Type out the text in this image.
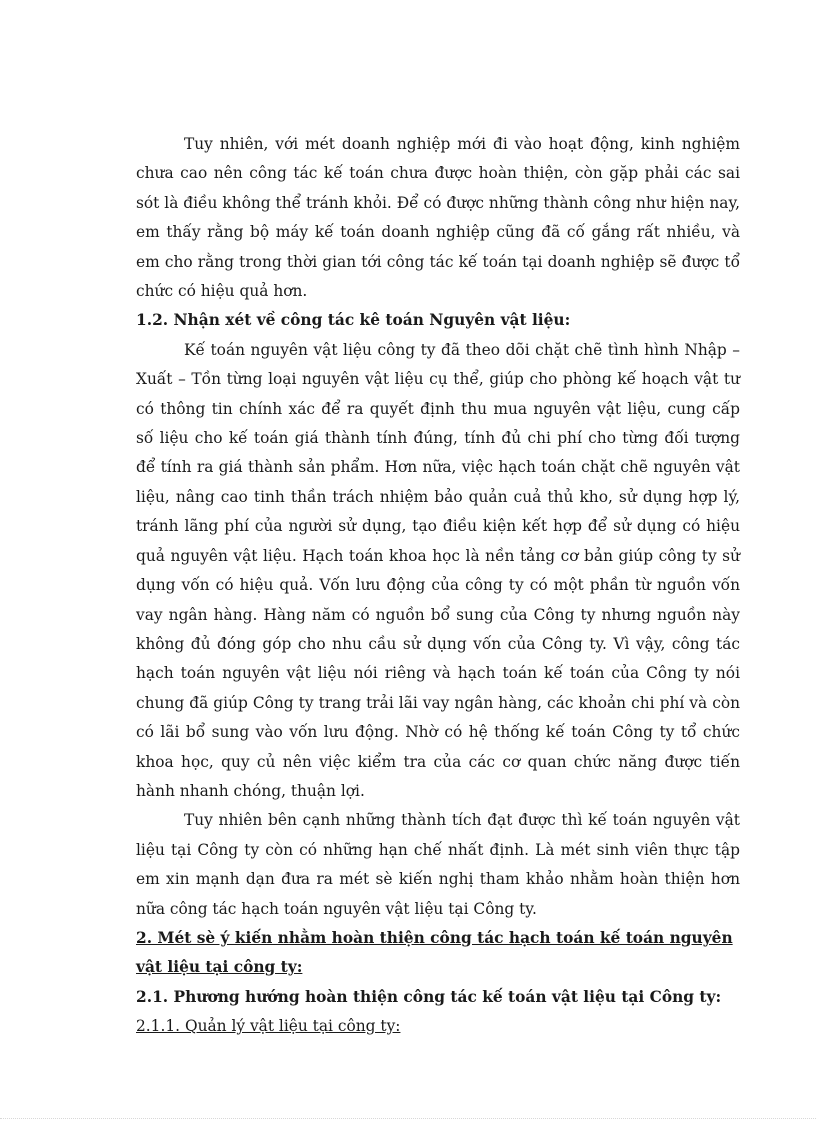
Tuy nhiên, với mét doanh nghiệp mới đi vào hoạt động, kinh nghiệm chưa cao nên công tác kế toán chưa được hoàn thiện, còn gặp phải các sai sót là điều không thể tránh khỏi. Để có được những thành công như hiện nay, em thấy rằng bộ máy kế toán doanh nghiệp cũng đã cố gắng rất nhiều, và em cho rằng trong thời gian tới công tác kế toán tại doanh nghiệp sẽ được tổ chức có hiệu quả hơn.

1.2. Nhận xét về công tác kê toán Nguyên vật liệu:

Kế toán nguyên vật liệu công ty đã theo dõi chặt chẽ tình hình Nhập – Xuất – Tồn từng loại nguyên vật liệu cụ thể, giúp cho phòng kế hoạch vật tư có thông tin chính xác để ra quyết định thu mua nguyên vật liệu, cung cấp số liệu cho kế toán giá thành tính đúng, tính đủ chi phí cho từng đối tượng để tính ra giá thành sản phẩm. Hơn nữa, việc hạch toán chặt chẽ nguyên vật liệu, nâng cao tinh thần trách nhiệm bảo quản cuả thủ kho, sử dụng hợp lý, tránh lãng phí của người sử dụng, tạo điều kiện kết hợp để sử dụng có hiệu quả nguyên vật liệu. Hạch toán khoa học là nền tảng cơ bản giúp công ty sử dụng vốn có hiệu quả. Vốn lưu động của công ty có một phần từ nguồn vốn vay ngân hàng. Hàng năm có nguồn bổ sung của Công ty nhưng nguồn này không đủ đóng góp cho nhu cầu sử dụng vốn của Công ty. Vì vậy, công tác hạch toán nguyên vật liệu nói riêng và hạch toán kế toán của Công ty nói chung đã giúp Công ty trang trải lãi vay ngân hàng, các khoản chi phí và còn có lãi bổ sung vào vốn lưu động. Nhờ có hệ thống kế toán Công ty tổ chức khoa học, quy củ nên việc kiểm tra của các cơ quan chức năng được tiến hành nhanh chóng, thuận lợi.

Tuy nhiên bên cạnh những thành tích đạt được thì kế toán nguyên vật liệu tại Công ty còn có những hạn chế nhất định. Là mét sinh viên thực tập em xin mạnh dạn đưa ra mét sè kiến nghị tham khảo nhằm hoàn thiện hơn nữa công tác hạch toán nguyên vật liệu tại Công ty.

2. Mét sè ý kiến nhằm hoàn thiện công tác hạch toán kế toán nguyên vật liệu tại công ty:

2.1. Phương hướng hoàn thiện công tác kế toán vật liệu tại Công ty:

2.1.1. Quản lý vật liệu tại công ty:
